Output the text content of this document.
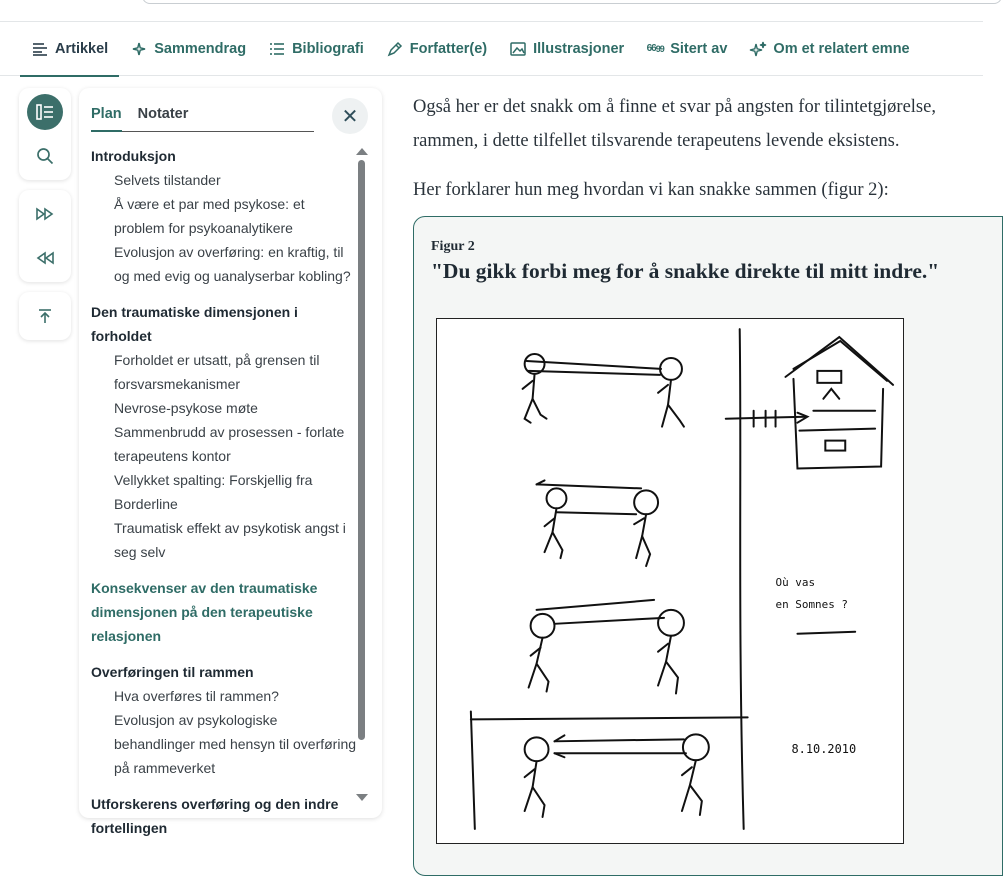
Artikkel	Sammendrag	Bibliografi	Forfatter(e)	Illustrasjoner 66 99 Sitert av	Om et relatert emne
Plan Notater	✕
Introduksjon
Selvets tilstander
Å være et par med psykose: et problem for psykoanalytikere
Evolusjon av overføring: en kraftig, til og med evig og uanalyserbar kobling?
Den traumatiske dimensjonen i forholdet
Forholdet er utsatt, på grensen til forsvarsmekanismer
Nevrose-psykose møte
Sammenbrudd av prosessen - forlate terapeutens kontor
Vellykket spalting: Forskjellig fra Borderline
Traumatisk effekt av psykotisk angst i seg selv
Konsekvenser av den traumatiske dimensjonen på den terapeutiske relasjonen
Overføringen til rammen
Hva overføres til rammen?
Evolusjon av psykologiske behandlinger med hensyn til overføring på rammeverket
Utforskerens overføring og den indre fortellingen

Også her er det snakk om å finne et svar på angsten for tilintetgjørelse,

rammen, i dette tilfellet tilsvarende terapeutens levende eksistens.

Her forklarer hun meg hvordan vi kan snakke sammen (figur 2):

Figur 2
"Du gikk forbi meg for å snakke direkte til mitt indre."
Où vas
en Somnes ?
8.10.2010
